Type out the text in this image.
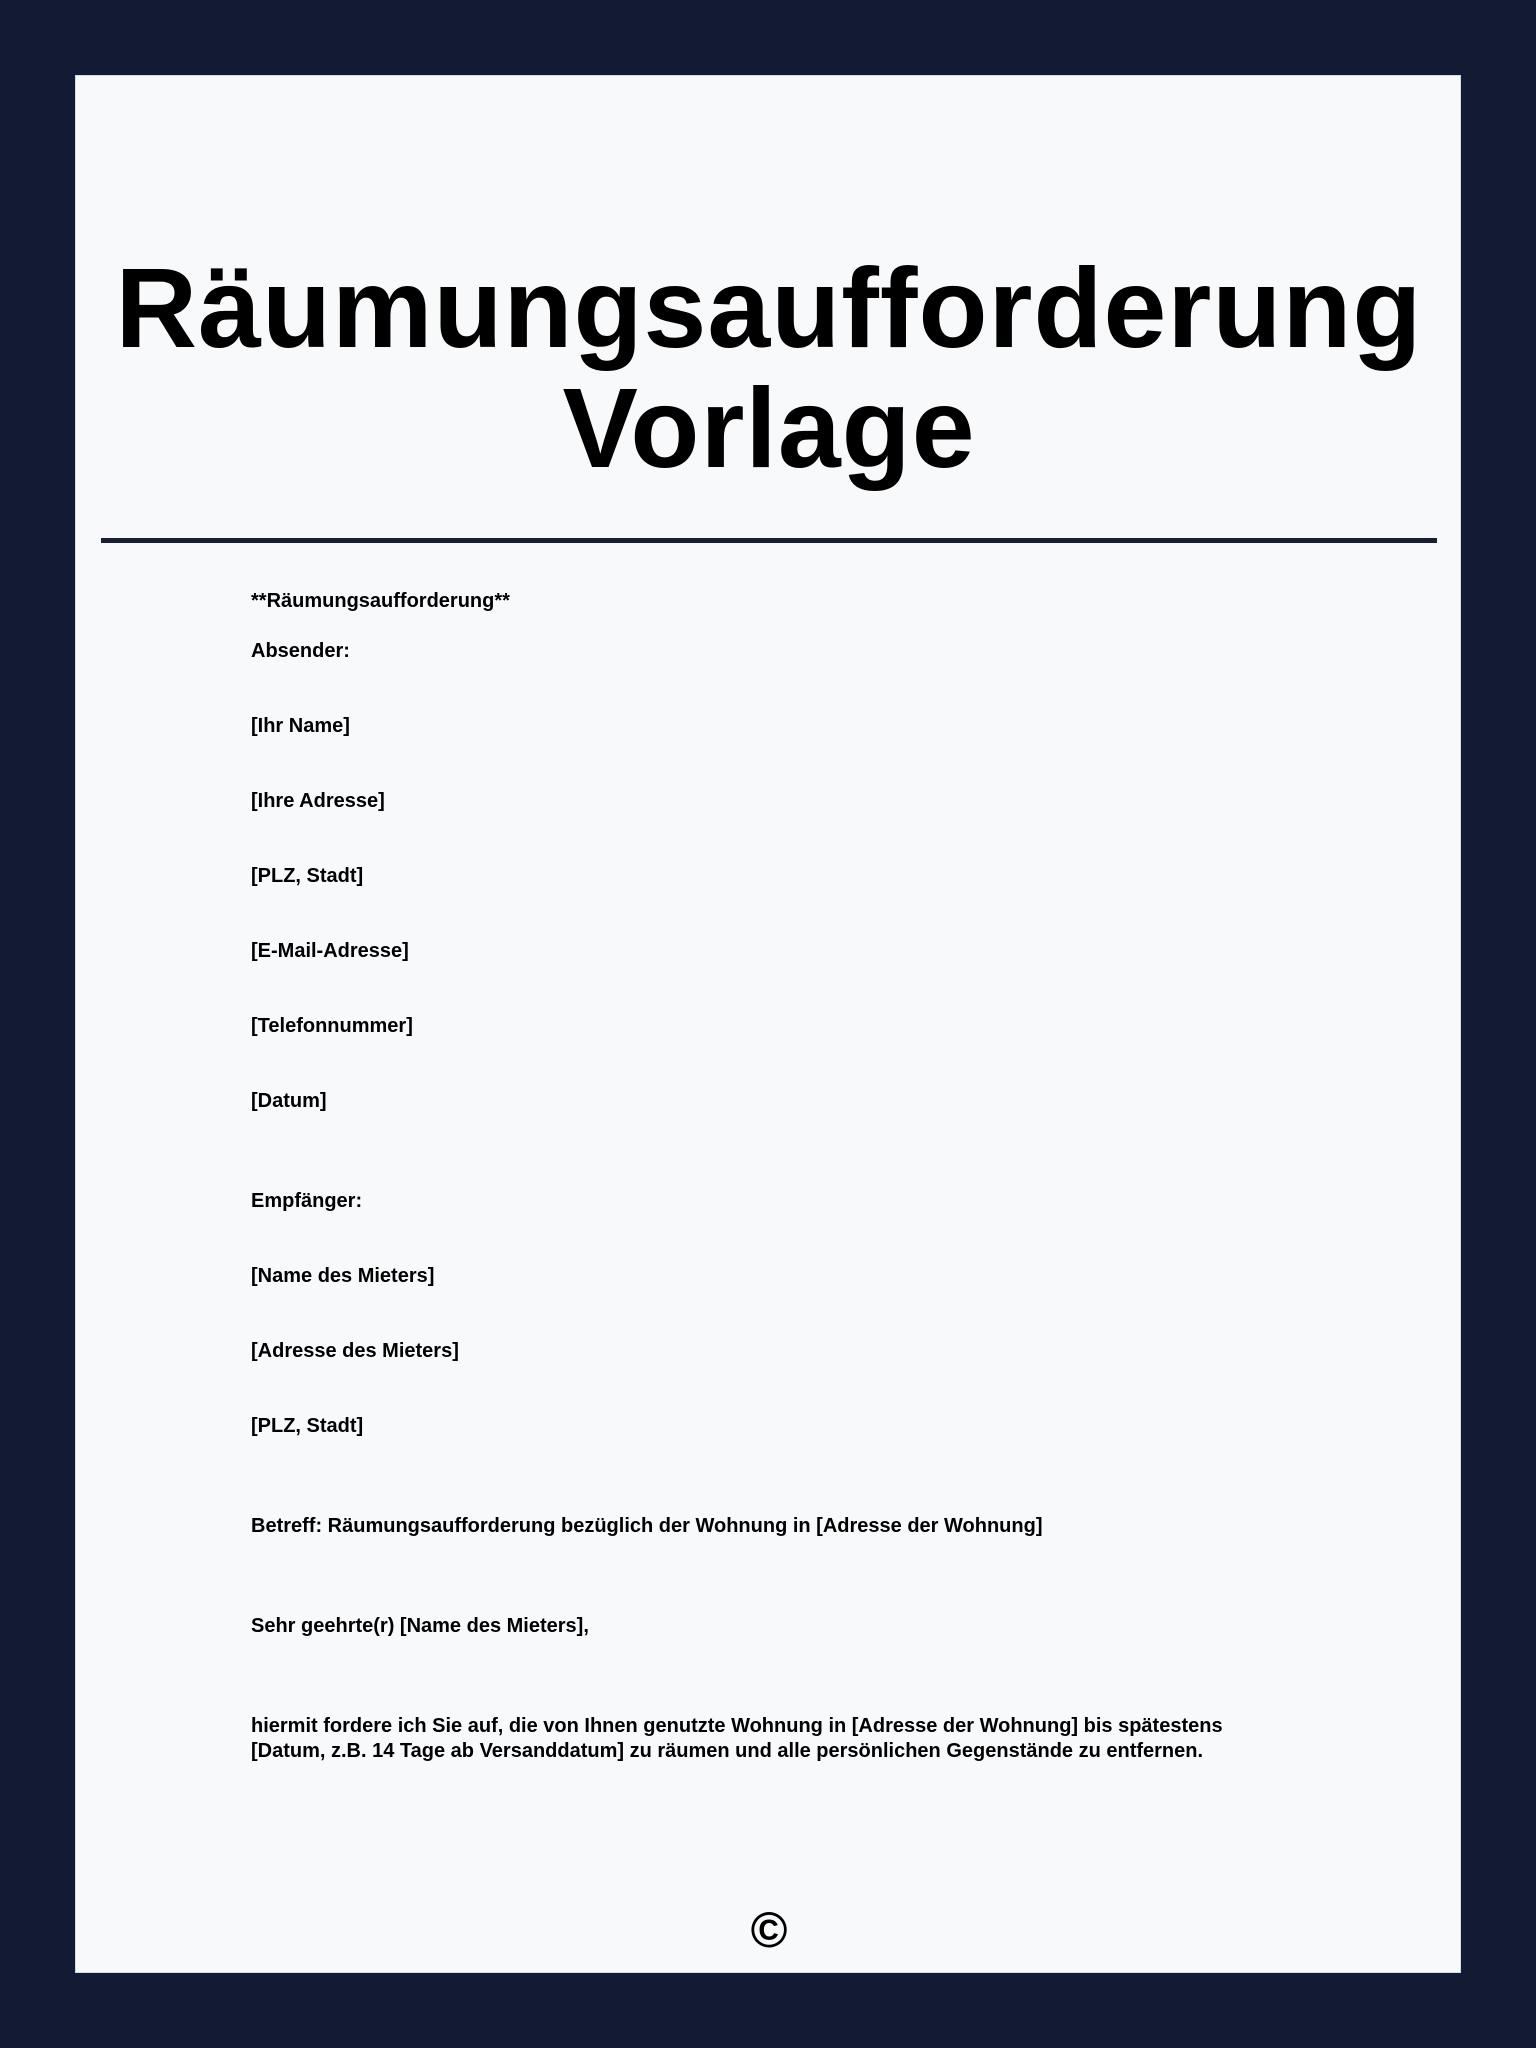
Räumungsaufforderung
Vorlage

**Räumungsaufforderung**

Absender:

[Ihr Name]

[Ihre Adresse]

[PLZ, Stadt]

[E-Mail-Adresse]

[Telefonnummer]

[Datum]

Empfänger:

[Name des Mieters]

[Adresse des Mieters]

[PLZ, Stadt]

Betreff: Räumungsaufforderung bezüglich der Wohnung in [Adresse der Wohnung]

Sehr geehrte(r) [Name des Mieters],

hiermit fordere ich Sie auf, die von Ihnen genutzte Wohnung in [Adresse der Wohnung] bis spätestens

[Datum, z.B. 14 Tage ab Versanddatum] zu räumen und alle persönlichen Gegenstände zu entfernen.

©
